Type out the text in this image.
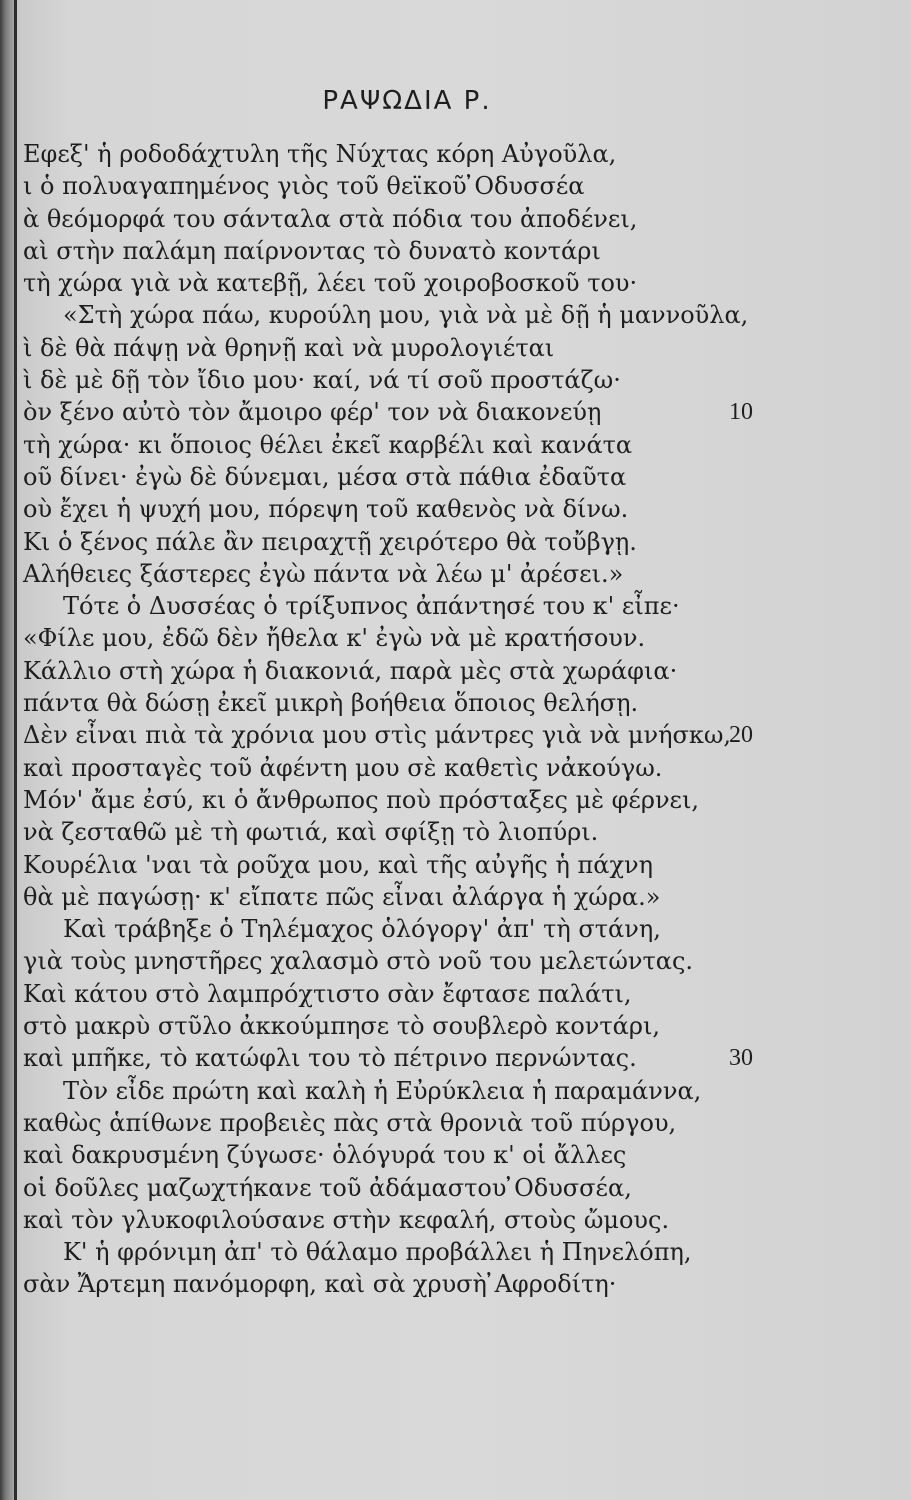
ΡΑΨΩΔΙΑ Ρ.
Εφεξ' ἡ ροδοδάχτυλη τῆς Νύχτας κόρη Αὐγοῦλα,
ι ὁ πολυαγαπημένος γιὸς τοῦ θεϊκοῦ ̓Οδυσσέα
ὰ θεόμορφά του σάνταλα στὰ πόδια του ἀποδένει,
αὶ στὴν παλάμη παίρνοντας τὸ δυνατὸ κοντάρι
τὴ χώρα γιὰ νὰ κατεβῇ, λέει τοῦ χοιροβοσκοῦ του·
«Στὴ χώρα πάω, κυρούλη μου, γιὰ νὰ μὲ δῇ ἡ μαννοῦλα,
ὶ δὲ θὰ πάψῃ νὰ θρηνῇ καὶ νὰ μυρολογιέται
ὶ δὲ μὲ δῇ τὸν ἴδιο μου· καί, νά τί σοῦ προστάζω·
ὸν ξένο αὐτὸ τὸν ἄμοιρο φέρ' τον νὰ διακονεύῃ	10
τὴ χώρα· κι ὅποιος θέλει ἐκεῖ καρβέλι καὶ κανάτα
οῦ δίνει· ἐγὼ δὲ δύνεμαι, μέσα στὰ πάθια ἐδαῦτα
οὺ ἔχει ἡ ψυχή μου, πόρεψη τοῦ καθενὸς νὰ δίνω.
Κι ὁ ξένος πάλε ἂν πειραχτῇ χειρότερο θὰ τοὔβγῃ.
Αλήθειες ξάστερες ἐγὼ πάντα νὰ λέω μ' ἀρέσει.»
Τότε ὁ Δυσσέας ὁ τρίξυπνος ἀπάντησέ του κ' εἶπε·
«Φίλε μου, ἐδῶ δὲν ἤθελα κ' ἐγὼ νὰ μὲ κρατήσουν.
Κάλλιο στὴ χώρα ἡ διακονιά, παρὰ μὲς στὰ χωράφια·
πάντα θὰ δώσῃ ἐκεῖ μικρὴ βοήθεια ὅποιος θελήσῃ.
Δὲν εἶναι πιὰ τὰ χρόνια μου στὶς μάντρες γιὰ νὰ μνήσκω,
20
καὶ προσταγὲς τοῦ ἀφέντη μου σὲ καθετὶς νἀκούγω.
Μόν' ἄμε ἐσύ, κι ὁ ἄνθρωπος ποὺ πρόσταξες μὲ φέρνει,
νὰ ζεσταθῶ μὲ τὴ φωτιά, καὶ σφίξῃ τὸ λιοπύρι.
Κουρέλια 'ναι τὰ ροῦχα μου, καὶ τῆς αὐγῆς ἡ πάχνη
θὰ μὲ παγώσῃ· κ' εἴπατε πῶς εἶναι ἀλάργα ἡ χώρα.»
Καὶ τράβηξε ὁ Τηλέμαχος ὁλόγοργ' ἀπ' τὴ στάνη,
γιὰ τοὺς μνηστῆρες χαλασμὸ στὸ νοῦ του μελετώντας.
Καὶ κάτου στὸ λαμπρόχτιστο σὰν ἔφτασε παλάτι,
στὸ μακρὺ στῦλο ἀκκούμπησε τὸ σουβλερὸ κοντάρι,
καὶ μπῆκε, τὸ κατώφλι του τὸ πέτρινο περνώντας.	30
Τὸν εἶδε πρώτη καὶ καλὴ ἡ Εὐρύκλεια ἡ παραμάννα,
καθὼς ἁπίθωνε προβειὲς πὰς στὰ θρονιὰ τοῦ πύργου,
καὶ δακρυσμένη ζύγωσε· ὁλόγυρά του κ' οἱ ἄλλες
οἱ δοῦλες μαζωχτήκανε τοῦ ἀδάμαστου ̓Οδυσσέα,
καὶ τὸν γλυκοφιλούσανε στὴν κεφαλή, στοὺς ὤμους.
Κ' ἡ φρόνιμη ἀπ' τὸ θάλαμο προβάλλει ἡ Πηνελόπη,
σὰν Ἄρτεμη πανόμορφη, καὶ σὰ χρυσὴ ̓Αφροδίτη·
